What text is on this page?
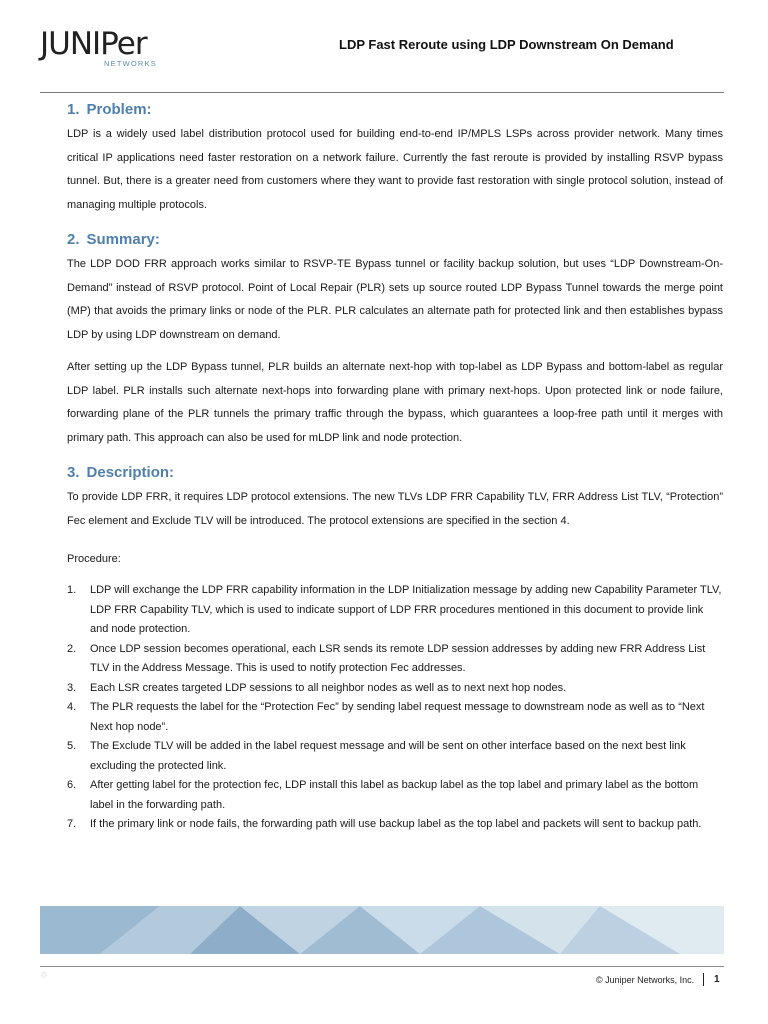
JUNIPer
NETWORKS
LDP Fast Reroute using LDP Downstream On Demand
1. Problem:

LDP is a widely used label distribution protocol used for building end-to-end IP/MPLS LSPs across provider network. Many times critical IP applications need faster restoration on a network failure. Currently the fast reroute is provided by installing RSVP bypass tunnel. But, there is a greater need from customers where they want to provide fast restoration with single protocol solution, instead of managing multiple protocols.

2. Summary:

The LDP DOD FRR approach works similar to RSVP-TE Bypass tunnel or facility backup solution, but uses “LDP Downstream-On-Demand” instead of RSVP protocol. Point of Local Repair (PLR) sets up source routed LDP Bypass Tunnel towards the merge point (MP) that avoids the primary links or node of the PLR. PLR calculates an alternate path for protected link and then establishes bypass LDP by using LDP downstream on demand.

After setting up the LDP Bypass tunnel, PLR builds an alternate next-hop with top-label as LDP Bypass and bottom-label as regular LDP label. PLR installs such alternate next-hops into forwarding plane with primary next-hops. Upon protected link or node failure, forwarding plane of the PLR tunnels the primary traffic through the bypass, which guarantees a loop-free path until it merges with primary path. This approach can also be used for mLDP link and node protection.

3. Description:

To provide LDP FRR, it requires LDP protocol extensions. The new TLVs LDP FRR Capability TLV, FRR Address List TLV, “Protection” Fec element and Exclude TLV will be introduced. The protocol extensions are specified in the section 4.

Procedure:

1. LDP will exchange the LDP FRR capability information in the LDP Initialization message by adding new Capability Parameter TLV, LDP FRR Capability TLV, which is used to indicate support of LDP FRR procedures mentioned in this document to provide link and node protection.
2. Once LDP session becomes operational, each LSR sends its remote LDP session addresses by adding new FRR Address List TLV in the Address Message. This is used to notify protection Fec addresses.
3. Each LSR creates targeted LDP sessions to all neighbor nodes as well as to next next hop nodes.
4. The PLR requests the label for the “Protection Fec” by sending label request message to downstream node as well as to “Next Next hop node”.
5. The Exclude TLV will be added in the label request message and will be sent on other interface based on the next best link excluding the protected link.
6. After getting label for the protection fec, LDP install this label as backup label as the top label and primary label as the bottom label in the forwarding path.
7. If the primary link or node fails, the forwarding path will use backup label as the top label and packets will sent to backup path.
♲	© Juniper Networks, Inc. 1
